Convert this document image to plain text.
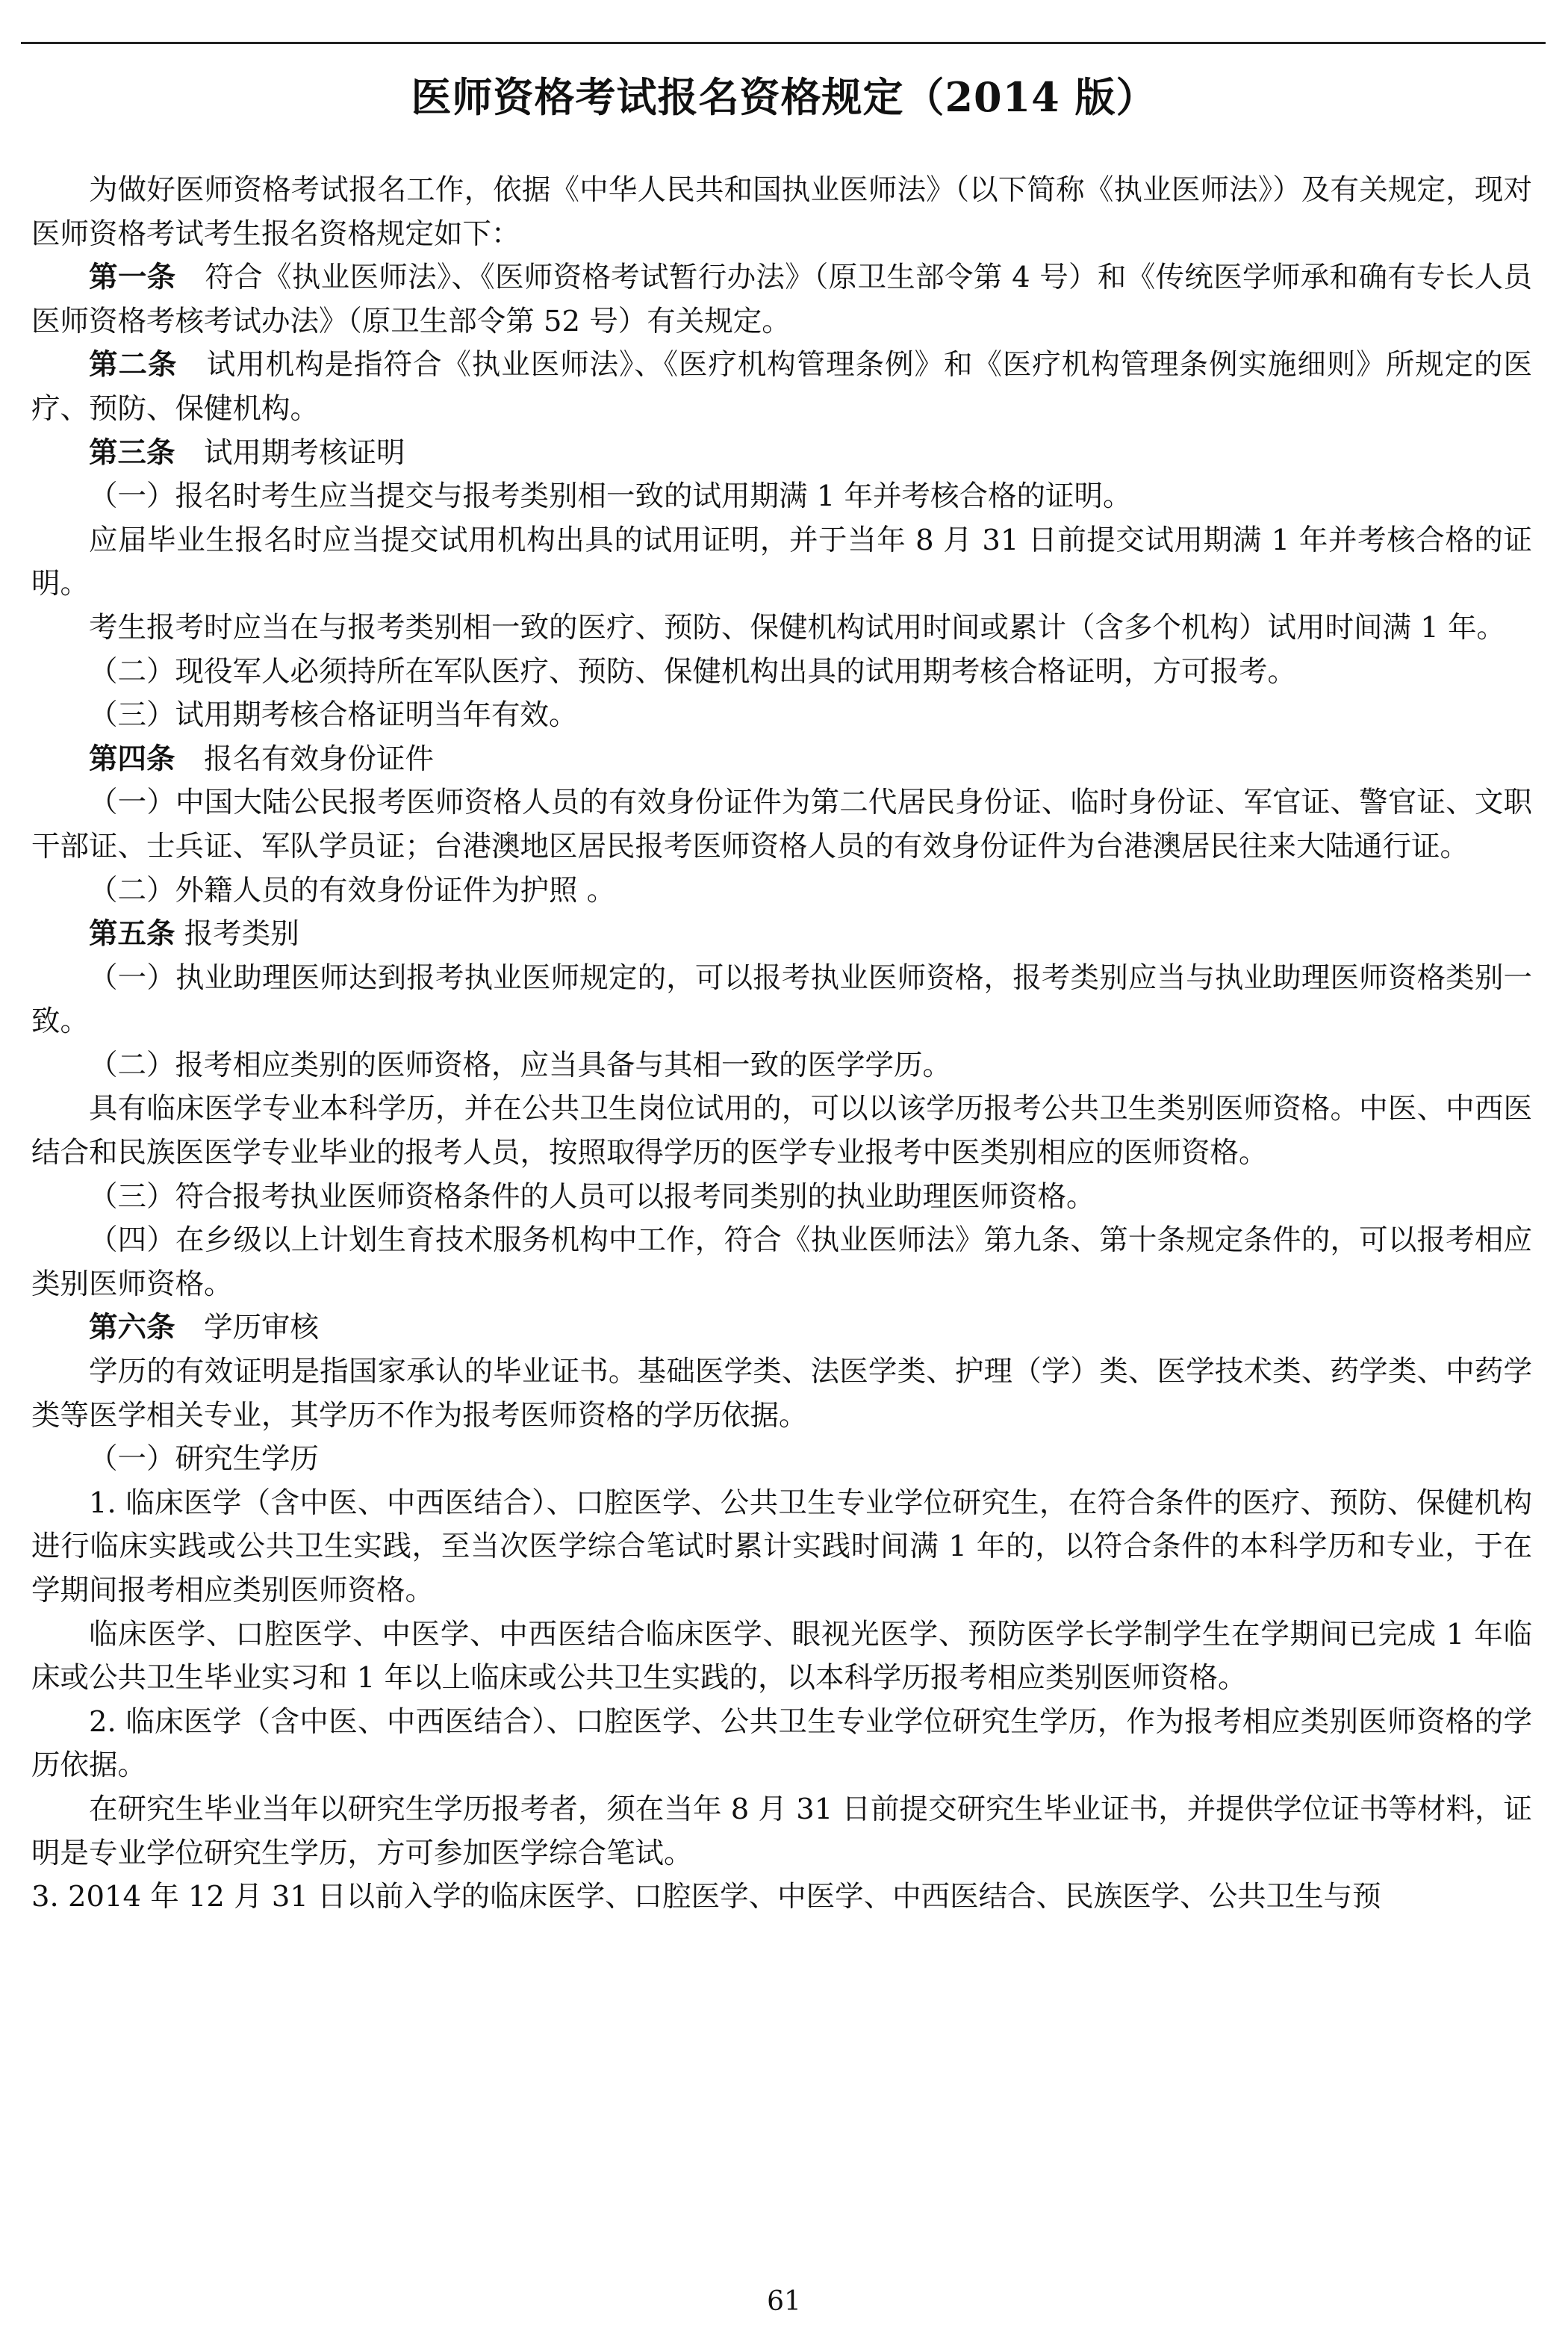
医师资格考试报名资格规定（2014 版）

为做好医师资格考试报名工作，依据《中华人民共和国执业医师法》（以下简称《执业医师法》）及有关规定，现对医师资格考试考生报名资格规定如下：

第一条　符合《执业医师法》、《医师资格考试暂行办法》（原卫生部令第 4 号）和《传统医学师承和确有专长人员医师资格考核考试办法》（原卫生部令第 52 号）有关规定。

第二条　试用机构是指符合《执业医师法》、《医疗机构管理条例》和《医疗机构管理条例实施细则》所规定的医疗、预防、保健机构。

第三条　试用期考核证明

（一）报名时考生应当提交与报考类别相一致的试用期满 1 年并考核合格的证明。

应届毕业生报名时应当提交试用机构出具的试用证明，并于当年 8 月 31 日前提交试用期满 1 年并考核合格的证明。

考生报考时应当在与报考类别相一致的医疗、预防、保健机构试用时间或累计（含多个机构）试用时间满 1 年。

（二）现役军人必须持所在军队医疗、预防、保健机构出具的试用期考核合格证明，方可报考。

（三）试用期考核合格证明当年有效。

第四条　报名有效身份证件

（一）中国大陆公民报考医师资格人员的有效身份证件为第二代居民身份证、临时身份证、军官证、警官证、文职干部证、士兵证、军队学员证；台港澳地区居民报考医师资格人员的有效身份证件为台港澳居民往来大陆通行证。

（二）外籍人员的有效身份证件为护照 。

第五条 报考类别

（一）执业助理医师达到报考执业医师规定的，可以报考执业医师资格，报考类别应当与执业助理医师资格类别一致。

（二）报考相应类别的医师资格，应当具备与其相一致的医学学历。

具有临床医学专业本科学历，并在公共卫生岗位试用的，可以以该学历报考公共卫生类别医师资格。中医、中西医结合和民族医医学专业毕业的报考人员，按照取得学历的医学专业报考中医类别相应的医师资格。

（三）符合报考执业医师资格条件的人员可以报考同类别的执业助理医师资格。

（四）在乡级以上计划生育技术服务机构中工作，符合《执业医师法》第九条、第十条规定条件的，可以报考相应类别医师资格。

第六条　学历审核

学历的有效证明是指国家承认的毕业证书。基础医学类、法医学类、护理（学）类、医学技术类、药学类、中药学类等医学相关专业，其学历不作为报考医师资格的学历依据。

（一）研究生学历

1. 临床医学（含中医、中西医结合）、口腔医学、公共卫生专业学位研究生，在符合条件的医疗、预防、保健机构进行临床实践或公共卫生实践，至当次医学综合笔试时累计实践时间满 1 年的，以符合条件的本科学历和专业，于在学期间报考相应类别医师资格。

临床医学、口腔医学、中医学、中西医结合临床医学、眼视光医学、预防医学长学制学生在学期间已完成 1 年临床或公共卫生毕业实习和 1 年以上临床或公共卫生实践的，以本科学历报考相应类别医师资格。

2. 临床医学（含中医、中西医结合）、口腔医学、公共卫生专业学位研究生学历，作为报考相应类别医师资格的学历依据。

在研究生毕业当年以研究生学历报考者，须在当年 8 月 31 日前提交研究生毕业证书，并提供学位证书等材料，证明是专业学位研究生学历，方可参加医学综合笔试。

3. 2014 年 12 月 31 日以前入学的临床医学、口腔医学、中医学、中西医结合、民族医学、公共卫生与预

61
